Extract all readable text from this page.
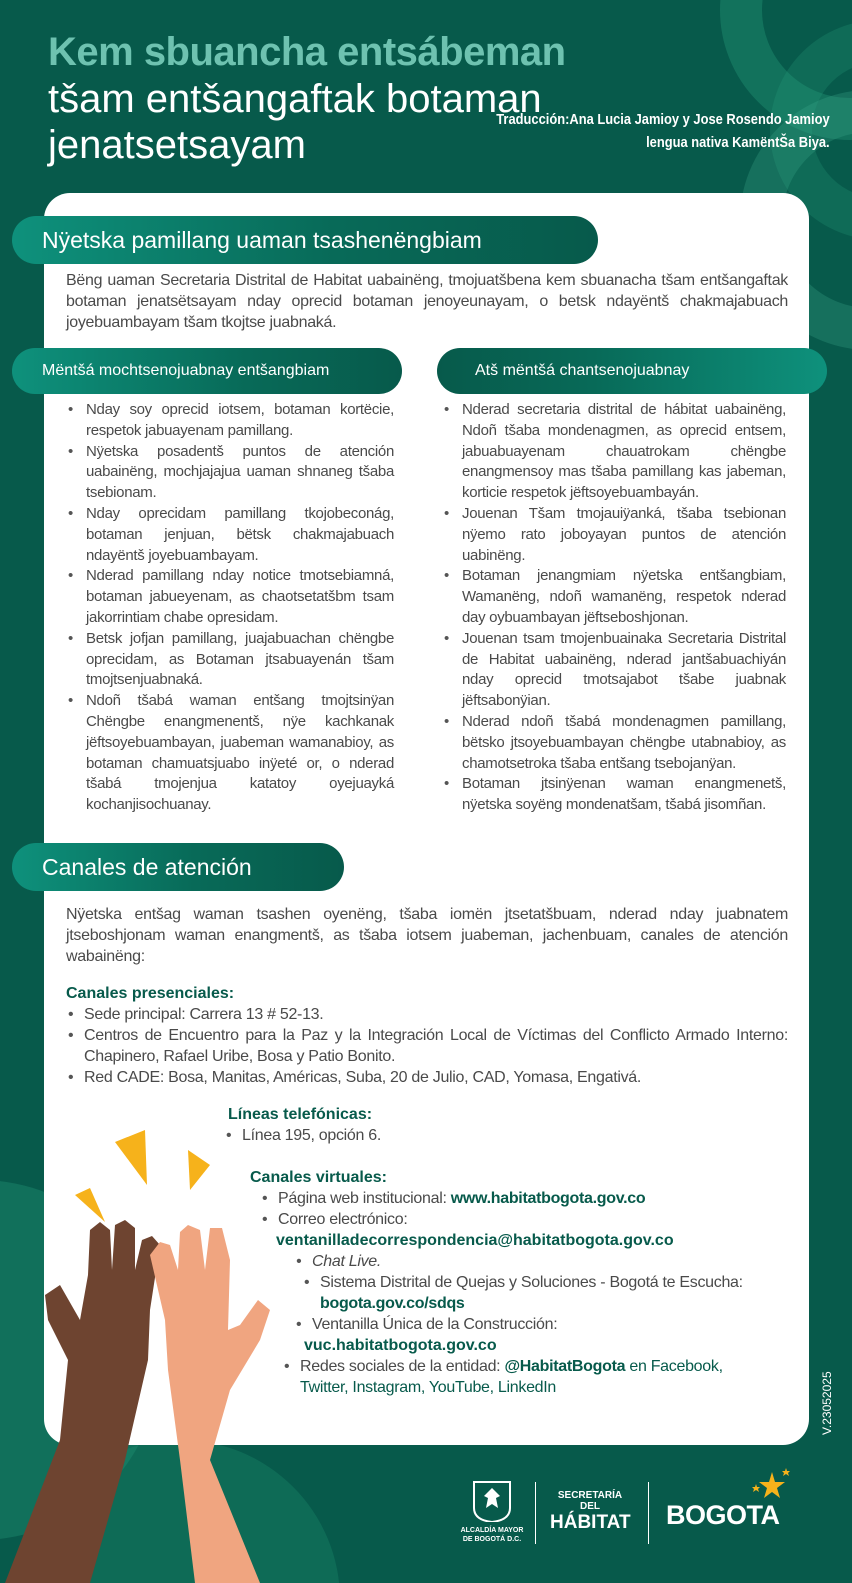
Kem sbuancha entsábeman
tšam entšangaftak botaman
jenatsetsayam
Traducción:Ana Lucia Jamioy y Jose Rosendo Jamioy
lengua nativa KamëntŠa Biya.
Nÿetska pamillang uaman tsashenëngbiam
Bëng uaman Secretaria Distrital de Habitat uabainëng, tmojuatšbena kem sbuanacha tšam entšangaftak botaman jenatsëtsayam nday oprecid botaman jenoyeunayam, o betsk ndayëntš chakmajabuach joyebuambayam tšam tkojtse juabnaká.
Mëntšá mochtsenojuabnay entšangbiam	Atš mëntšá chantsenojuabnay
• Nday soy oprecid iotsem, botaman kortëcie, respetok jabuayenam pamillang.
• Nÿetska posadentš puntos de atención uabainëng, mochjajajua uaman shnaneg tšaba tsebionam.
• Nday oprecidam pamillang tkojobeconág, botaman jenjuan, bëtsk chakmajabuach ndayëntš joyebuambayam.
• Nderad pamillang nday notice tmotsebiamná, botaman jabueyenam, as chaotsetatšbm tsam jakorrintiam chabe opresidam.
• Betsk jofjan pamillang, juajabuachan chëngbe oprecidam, as Botaman jtsabuayenán tšam tmojtsenjuabnaká.
• Ndoñ tšabá waman entšang tmojtsinÿan Chëngbe enangmenentš, nÿe kachkanak jëftsoyebuambayan, juabeman wamanabioy, as botaman chamuatsjuabo inÿeté or, o nderad tšabá tmojenjua katatoy oyejuayká kochanjisochuanay.
• Nderad secretaria distrital de hábitat uabainëng, Ndoñ tšaba mondenagmen, as oprecid entsem, jabuabuayenam chauatrokam chëngbe enangmensoy mas tšaba pamillang kas jabeman, korticie respetok jëftsoyebuambayán.
• Jouenan Tšam tmojauiÿanká, tšaba tsebionan nÿemo rato joboyayan puntos de atención uabinëng.
• Botaman jenangmiam nÿetska entšangbiam, Wamanëng, ndoñ wamanëng, respetok nderad day oybuambayan jëftseboshjonan.
• Jouenan tsam tmojenbuainaka Secretaria Distrital de Habitat uabainëng, nderad jantšabuachiyán nday oprecid tmotsajabot tšabe juabnak jëftsabonÿian.
• Nderad ndoñ tšabá mondenagmen pamillang, bëtsko jtsoyebuambayan chëngbe utabnabioy, as chamotsetroka tšaba entšang tsebojanÿan.
• Botaman jtsinÿenan waman enangmenetš, nÿetska soyëng mondenatšam, tšabá jisomñan.
Canales de atención
Nÿetska entšag waman tsashen oyenëng, tšaba iomën jtsetatšbuam, nderad nday juabnatem jtseboshjonam waman enangmentš, as tšaba iotsem juabeman, jachenbuam, canales de atención wabainëng:
Canales presenciales:
• Sede principal: Carrera 13 # 52-13.
• Centros de Encuentro para la Paz y la Integración Local de Víctimas del Conflicto Armado Interno: Chapinero, Rafael Uribe, Bosa y Patio Bonito.
• Red CADE: Bosa, Manitas, Américas, Suba, 20 de Julio, CAD, Yomasa, Engativá.
Líneas telefónicas:
• Línea 195, opción 6.
Canales virtuales:
• Página web institucional: www.habitatbogota.gov.co
• Correo electrónico:
ventanilladecorrespondencia@habitatbogota.gov.co
• Chat Live.
• Sistema Distrital de Quejas y Soluciones - Bogotá te Escucha:
bogota.gov.co/sdqs
• Ventanilla Única de la Construcción:
vuc.habitatbogota.gov.co
• Redes sociales de la entidad: @HabitatBogota en Facebook, Twitter, Instagram, YouTube, LinkedIn
ALCALDÍA MAYOR
DE BOGOTÁ D.C.
SECRETARÍA DEL
HÁBITAT BOGOTA
V.23052025
